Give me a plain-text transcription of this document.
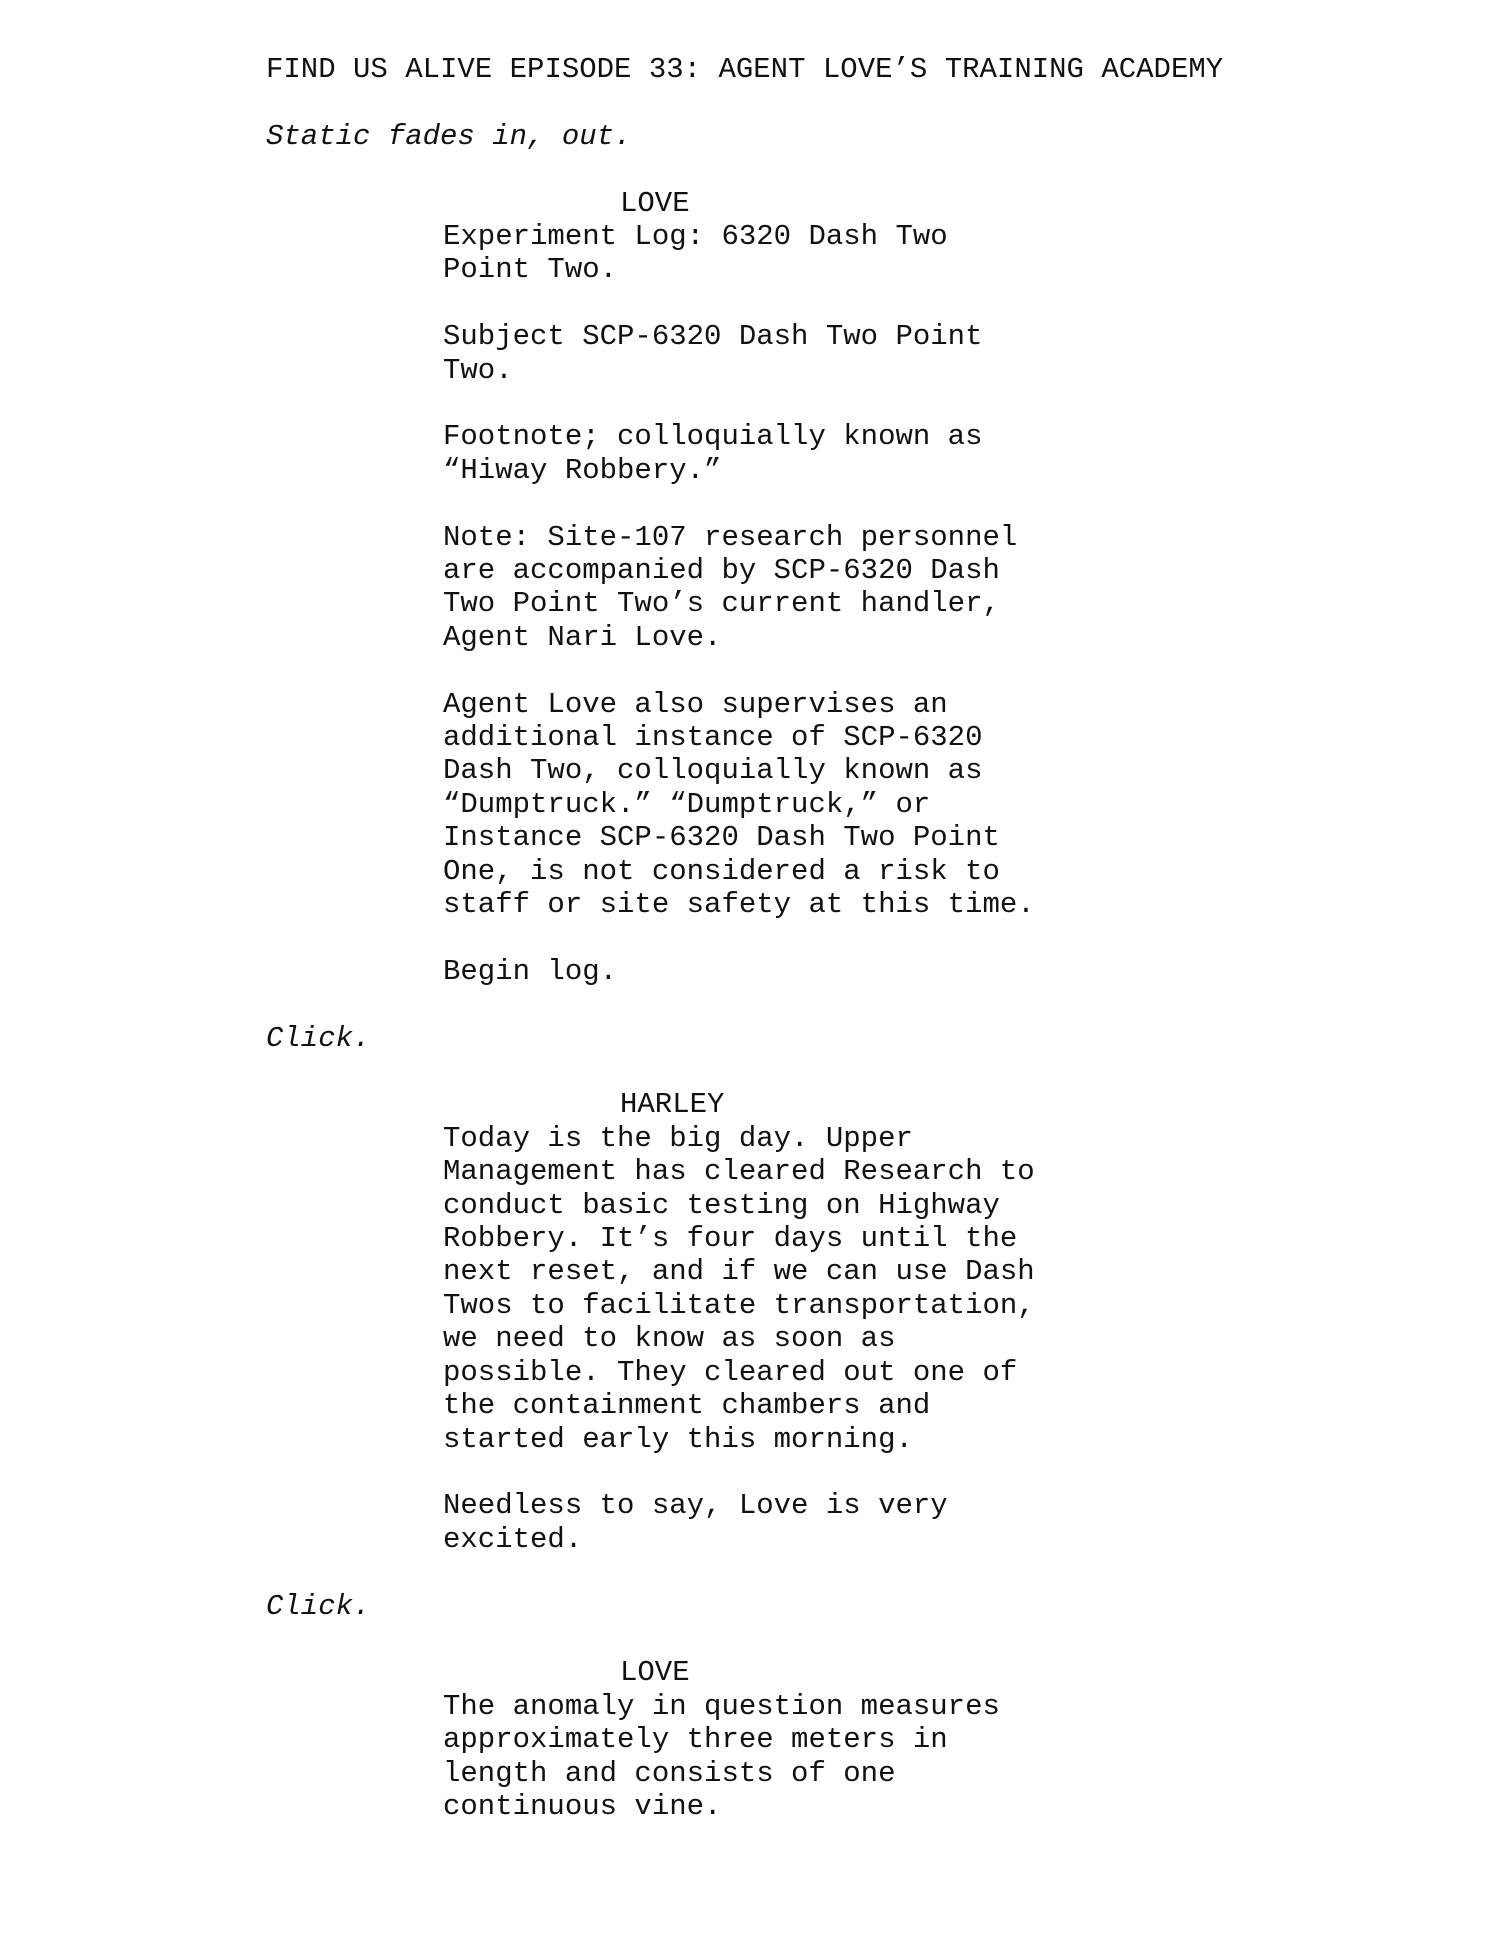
FIND US ALIVE EPISODE 33: AGENT LOVE’S TRAINING ACADEMY
Static fades in, out.
LOVE
Experiment Log: 6320 Dash Two
Point Two.
Subject SCP-6320 Dash Two Point
Two.
Footnote; colloquially known as
“Hiway Robbery.”
Note: Site-107 research personnel
are accompanied by SCP-6320 Dash
Two Point Two’s current handler,
Agent Nari Love.
Agent Love also supervises an
additional instance of SCP-6320
Dash Two, colloquially known as
“Dumptruck.” “Dumptruck,” or
Instance SCP-6320 Dash Two Point
One, is not considered a risk to
staff or site safety at this time.
Begin log.
Click.
HARLEY
Today is the big day. Upper
Management has cleared Research to
conduct basic testing on Highway
Robbery. It’s four days until the
next reset, and if we can use Dash
Twos to facilitate transportation,
we need to know as soon as
possible. They cleared out one of
the containment chambers and
started early this morning.
Needless to say, Love is very
excited.
Click.
LOVE
The anomaly in question measures
approximately three meters in
length and consists of one
continuous vine.
